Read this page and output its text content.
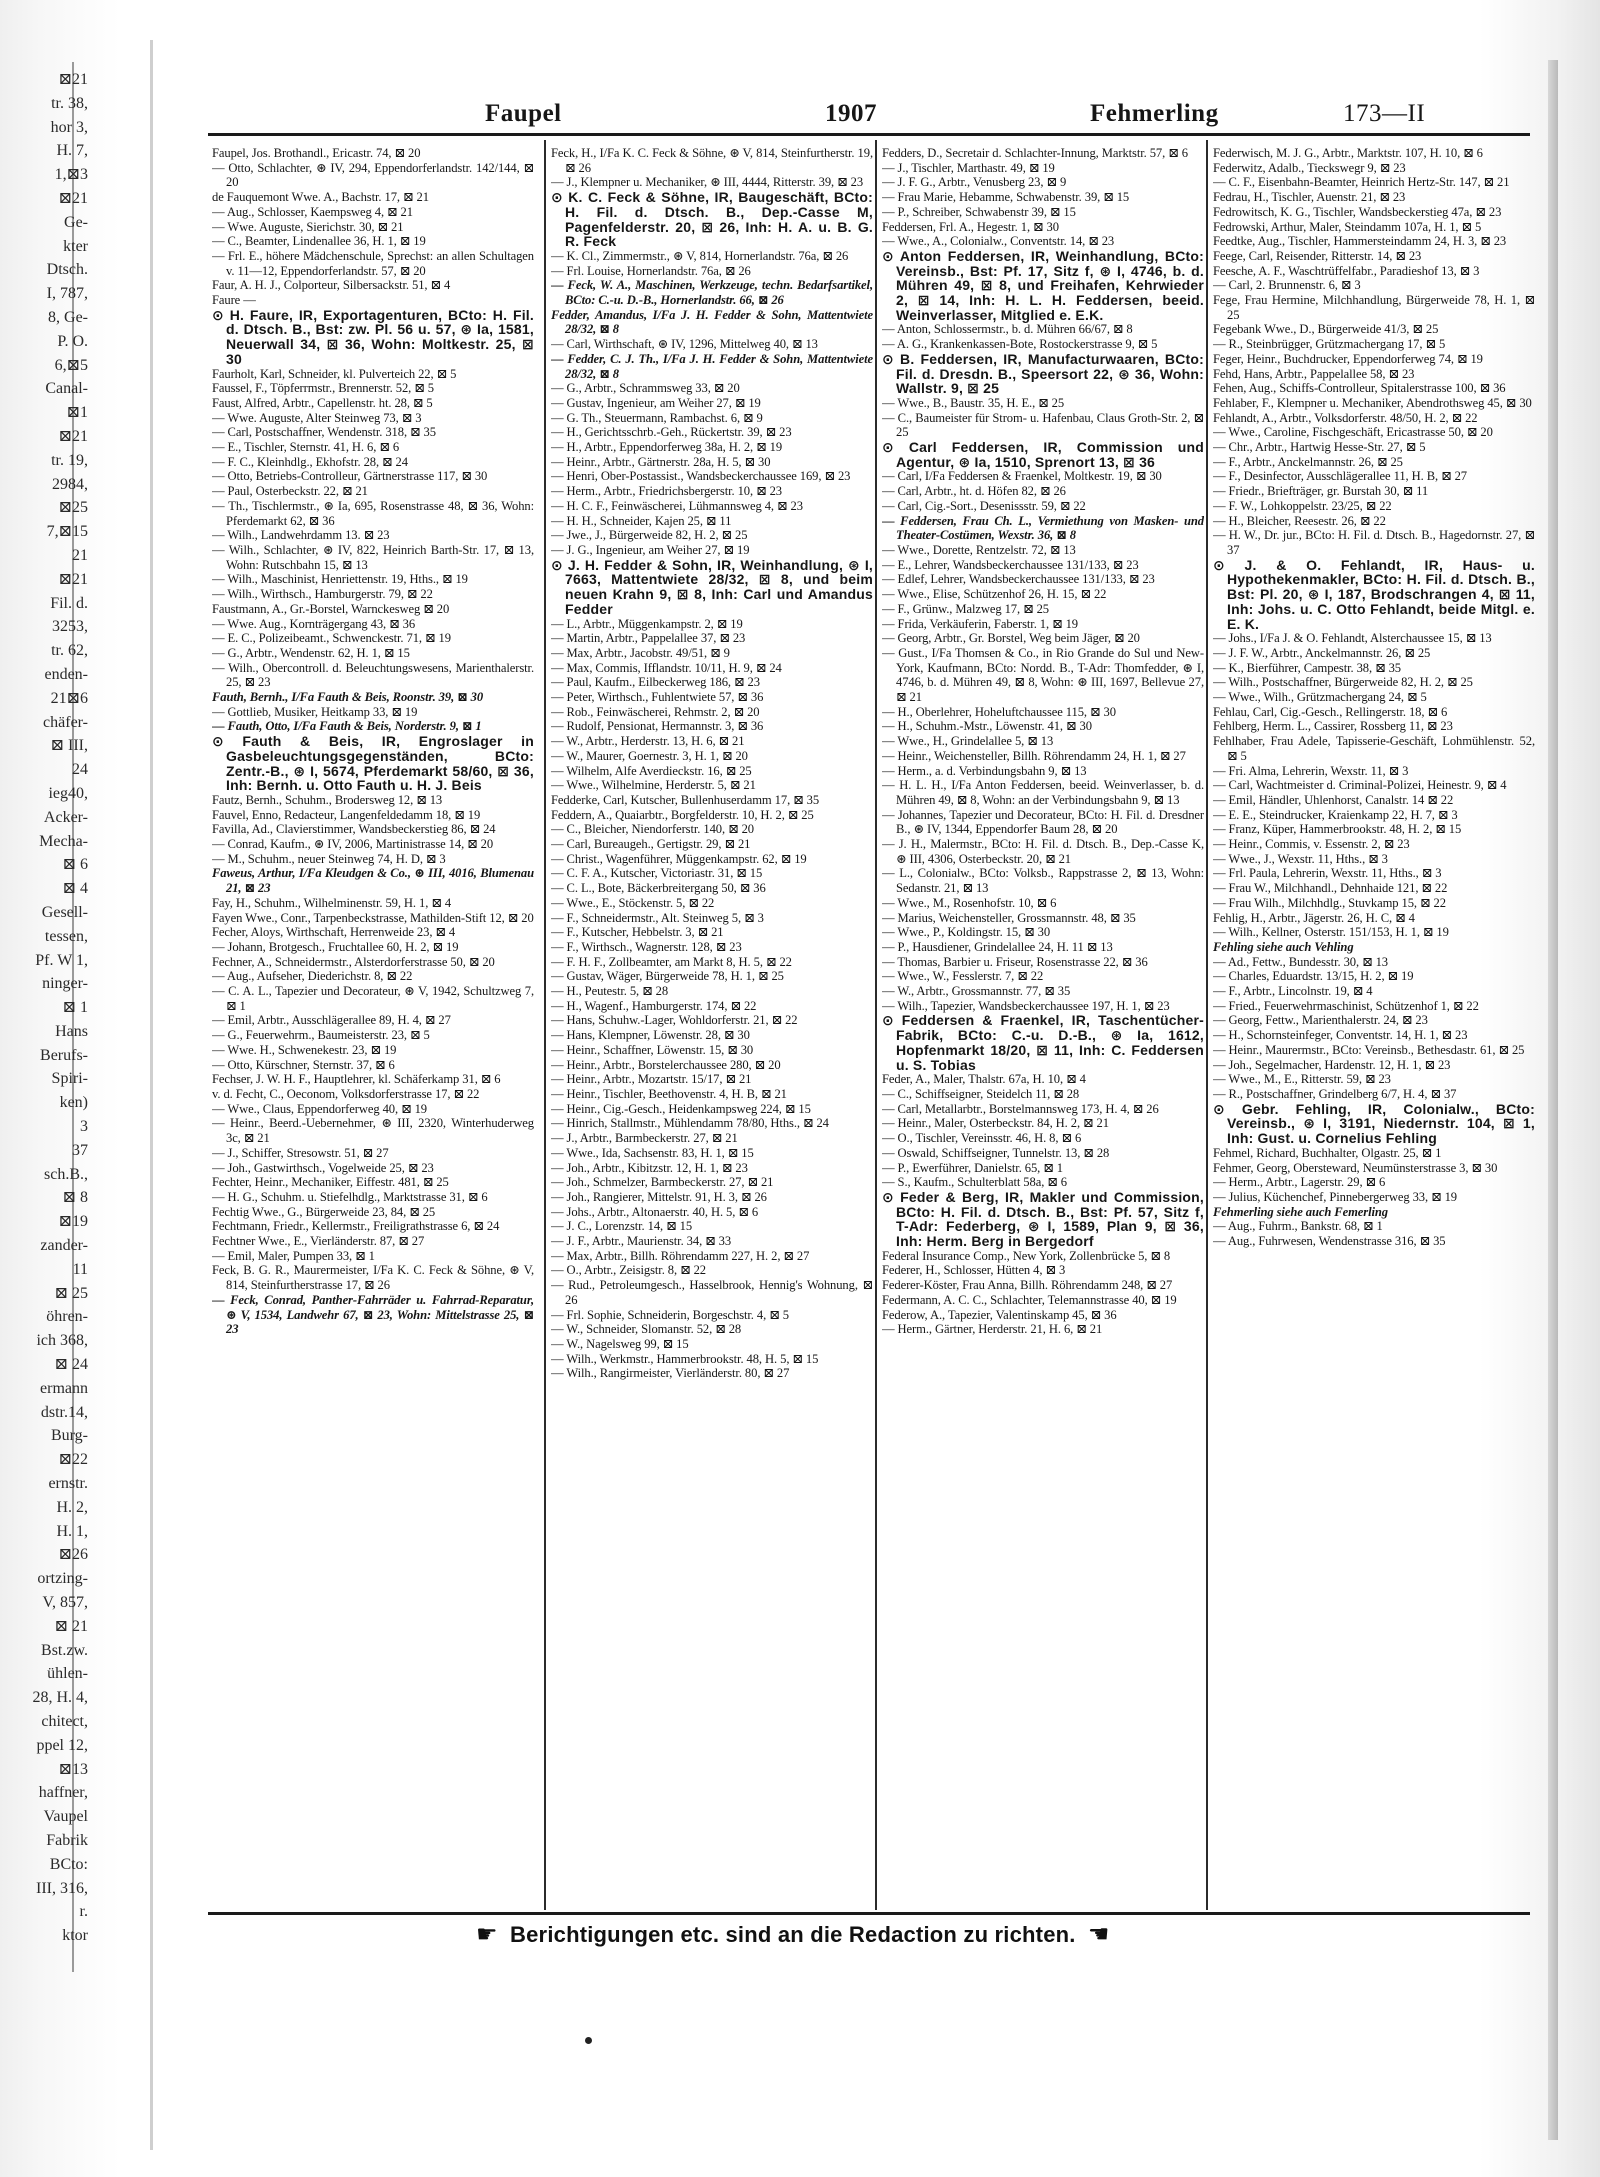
⊠21
tr. 38,
hor 3,
H. 7,
1,⊠3
⊠21
Ge-
kter
Dtsch.
I, 787,
8, Ge-
P. O.
6,⊠5
Canal-
⊠1
⊠21
tr. 19,
2984,
⊠25
7,⊠15
21
⊠21
Fil. d.
3253,
tr. 62,
enden-
21⊠6
chäfer-
⊠ III,
24
ieg40,
Acker-
Mecha-
⊠ 6
⊠ 4
Gesell-
tessen,
Pf. W 1,
ninger-
⊠ 1
Hans
Berufs-
Spiri-
ken)
3
37
sch.B.,
⊠ 8
⊠19
zander-
11
⊠ 25
öhren-
ich 368,
⊠ 24
ermann
dstr.14,
Burg-
⊠22
ernstr.
H. 2,
H. 1,
⊠26
ortzing-
V, 857,
⊠ 21
Bst.zw.
ühlen-
28, H. 4,
chitect,
ppel 12,
⊠13
haffner,
Vaupel
Fabrik
BCto:
III, 316,
r.
ktor
Faupel	1907	Fehmerling	173—II

Faupel, Jos. Brothandl., Ericastr. 74, ⊠ 20

— Otto, Schlachter, ⊛ IV, 294, Eppendorferlandstr. 142/144, ⊠ 20

de Fauquemont Wwe. A., Bachstr. 17, ⊠ 21

— Aug., Schlosser, Kaempsweg 4, ⊠ 21

— Wwe. Auguste, Sierichstr. 30, ⊠ 21

— C., Beamter, Lindenallee 36, H. 1, ⊠ 19

— Frl. E., höhere Mädchenschule, Sprechst: an allen Schultagen v. 11—12, Eppendorferlandstr. 57, ⊠ 20

Faur, A. H. J., Colporteur, Silbersackstr. 51, ⊠ 4

Faure —

⊙ H. Faure, IR, Exportagenturen, BCto: H. Fil. d. Dtsch. B., Bst: zw. Pl. 56 u. 57, ⊛ Ia, 1581, Neuerwall 34, ⊠ 36, Wohn: Moltkestr. 25, ⊠ 30

Faurholt, Karl, Schneider, kl. Pulverteich 22, ⊠ 5

Faussel, F., Töpferrmstr., Brennerstr. 52, ⊠ 5

Faust, Alfred, Arbtr., Capellenstr. ht. 28, ⊠ 5

— Wwe. Auguste, Alter Steinweg 73, ⊠ 3

— Carl, Postschaffner, Wendenstr. 318, ⊠ 35

— E., Tischler, Sternstr. 41, H. 6, ⊠ 6

— F. C., Kleinhdlg., Ekhofstr. 28, ⊠ 24

— Otto, Betriebs-Controlleur, Gärtnerstrasse 117, ⊠ 30

— Paul, Osterbeckstr. 22, ⊠ 21

— Th., Tischlermstr., ⊛ Ia, 695, Rosenstrasse 48, ⊠ 36, Wohn: Pferdemarkt 62, ⊠ 36

— Wilh., Landwehrdamm 13. ⊠ 23

— Wilh., Schlachter, ⊛ IV, 822, Heinrich Barth-Str. 17, ⊠ 13, Wohn: Rutschbahn 15, ⊠ 13

— Wilh., Maschinist, Henriettenstr. 19, Hths., ⊠ 19

— Wilh., Wirthsch., Hamburgerstr. 79, ⊠ 22

Faustmann, A., Gr.-Borstel, Warnckesweg ⊠ 20

— Wwe. Aug., Kornträgergang 43, ⊠ 36

— E. C., Polizeibeamt., Schwenckestr. 71, ⊠ 19

— G., Arbtr., Wendenstr. 62, H. 1, ⊠ 15

— Wilh., Obercontroll. d. Beleuchtungswesens, Marienthalerstr. 25, ⊠ 23

Fauth, Bernh., I/Fa Fauth & Beis, Roonstr. 39, ⊠ 30

— Gottlieb, Musiker, Heitkamp 33, ⊠ 19

— Fauth, Otto, I/Fa Fauth & Beis, Norderstr. 9, ⊠ 1

⊙ Fauth & Beis, IR, Engroslager in Gasbeleuchtungsgegenständen, BCto: Zentr.-B., ⊛ I, 5674, Pferdemarkt 58/60, ⊠ 36, Inh: Bernh. u. Otto Fauth u. H. J. Beis

Fautz, Bernh., Schuhm., Brodersweg 12, ⊠ 13

Fauvel, Enno, Redacteur, Langenfeldedamm 18, ⊠ 19

Favilla, Ad., Clavierstimmer, Wandsbeckerstieg 86, ⊠ 24

— Conrad, Kaufm., ⊛ IV, 2006, Martinistrasse 14, ⊠ 20

— M., Schuhm., neuer Steinweg 74, H. D, ⊠ 3

Faweus, Arthur, I/Fa Kleudgen & Co., ⊛ III, 4016, Blumenau 21, ⊠ 23

Fay, H., Schuhm., Wilhelminenstr. 59, H. 1, ⊠ 4

Fayen Wwe., Conr., Tarpenbeckstrasse, Mathilden-Stift 12, ⊠ 20

Fecher, Aloys, Wirthschaft, Herrenweide 23, ⊠ 4

— Johann, Brotgesch., Fruchtallee 60, H. 2, ⊠ 19

Fechner, A., Schneidermstr., Alsterdorferstrasse 50, ⊠ 20

— Aug., Aufseher, Diederichstr. 8, ⊠ 22

— C. A. L., Tapezier und Decorateur, ⊛ V, 1942, Schultzweg 7, ⊠ 1

— Emil, Arbtr., Ausschlägerallee 89, H. 4, ⊠ 27

— G., Feuerwehrm., Baumeisterstr. 23, ⊠ 5

— Wwe. H., Schwenekestr. 23, ⊠ 19

— Otto, Kürschner, Sternstr. 37, ⊠ 6

Fechser, J. W. H. F., Hauptlehrer, kl. Schäferkamp 31, ⊠ 6

v. d. Fecht, C., Oeconom, Volksdorferstrasse 17, ⊠ 22

— Wwe., Claus, Eppendorferweg 40, ⊠ 19

— Heinr., Beerd.-Uebernehmer, ⊛ III, 2320, Winterhuderweg 3c, ⊠ 21

— J., Schiffer, Stresowstr. 51, ⊠ 27

— Joh., Gastwirthsch., Vogelweide 25, ⊠ 23

Fechter, Heinr., Mechaniker, Eiffestr. 481, ⊠ 25

— H. G., Schuhm. u. Stiefelhdlg., Marktstrasse 31, ⊠ 6

Fechtig Wwe., G., Bürgerweide 23, 84, ⊠ 25

Fechtmann, Friedr., Kellermstr., Freiligrathstrasse 6, ⊠ 24

Fechtner Wwe., E., Vierländerstr. 87, ⊠ 27

— Emil, Maler, Pumpen 33, ⊠ 1

Feck, B. G. R., Maurermeister, I/Fa K. C. Feck & Söhne, ⊛ V, 814, Steinfurtherstrasse 17, ⊠ 26

— Feck, Conrad, Panther-Fahrräder u. Fahrrad-Reparatur, ⊛ V, 1534, Landwehr 67, ⊠ 23, Wohn: Mittelstrasse 25, ⊠ 23

Feck, H., I/Fa K. C. Feck & Söhne, ⊛ V, 814, Steinfurtherstr. 19, ⊠ 26

— J., Klempner u. Mechaniker, ⊛ III, 4444, Ritterstr. 39, ⊠ 23

⊙ K. C. Feck & Söhne, IR, Baugeschäft, BCto: H. Fil. d. Dtsch. B., Dep.-Casse M, Pagenfelderstr. 20, ⊠ 26, Inh: H. A. u. B. G. R. Feck

— K. Cl., Zimmermstr., ⊛ V, 814, Hornerlandstr. 76a, ⊠ 26

— Frl. Louise, Hornerlandstr. 76a, ⊠ 26

— Feck, W. A., Maschinen, Werkzeuge, techn. Bedarfsartikel, BCto: C.-u. D.-B., Hornerlandstr. 66, ⊠ 26

Fedder, Amandus, I/Fa J. H. Fedder & Sohn, Mattentwiete 28/32, ⊠ 8

— Carl, Wirthschaft, ⊛ IV, 1296, Mittelweg 40, ⊠ 13

— Fedder, C. J. Th., I/Fa J. H. Fedder & Sohn, Mattentwiete 28/32, ⊠ 8

— G., Arbtr., Schrammsweg 33, ⊠ 20

— Gustav, Ingenieur, am Weiher 27, ⊠ 19

— G. Th., Steuermann, Rambachst. 6, ⊠ 9

— H., Gerichtsschrb.-Geh., Rückertstr. 39, ⊠ 23

— H., Arbtr., Eppendorferweg 38a, H. 2, ⊠ 19

— Heinr., Arbtr., Gärtnerstr. 28a, H. 5, ⊠ 30

— Henri, Ober-Postassist., Wandsbeckerchaussee 169, ⊠ 23

— Herm., Arbtr., Friedrichsbergerstr. 10, ⊠ 23

— H. C. F., Feinwäscherei, Lühmannsweg 4, ⊠ 23

— H. H., Schneider, Kajen 25, ⊠ 11

— Jwe., J., Bürgerweide 82, H. 2, ⊠ 25

— J. G., Ingenieur, am Weiher 27, ⊠ 19

⊙ J. H. Fedder & Sohn, IR, Weinhandlung, ⊛ I, 7663, Mattentwiete 28/32, ⊠ 8, und beim neuen Krahn 9, ⊠ 8, Inh: Carl und Amandus Fedder

— L., Arbtr., Müggenkampstr. 2, ⊠ 19

— Martin, Arbtr., Pappelallee 37, ⊠ 23

— Max, Arbtr., Jacobstr. 49/51, ⊠ 9

— Max, Commis, Ifflandstr. 10/11, H. 9, ⊠ 24

— Paul, Kaufm., Eilbeckerweg 186, ⊠ 23

— Peter, Wirthsch., Fuhlentwiete 57, ⊠ 36

— Rob., Feinwäscherei, Rehmstr. 2, ⊠ 20

— Rudolf, Pensionat, Hermannstr. 3, ⊠ 36

— W., Arbtr., Herderstr. 13, H. 6, ⊠ 21

— W., Maurer, Goernestr. 3, H. 1, ⊠ 20

— Wilhelm, Alfe Averdieckstr. 16, ⊠ 25

— Wwe., Wilhelmine, Herderstr. 5, ⊠ 21

Fedderke, Carl, Kutscher, Bullenhuserdamm 17, ⊠ 35

Feddern, A., Quaiarbtr., Borgfelderstr. 10, H. 2, ⊠ 25

— C., Bleicher, Niendorferstr. 140, ⊠ 20

— Carl, Bureaugeh., Gertigstr. 29, ⊠ 21

— Christ., Wagenführer, Müggenkampstr. 62, ⊠ 19

— C. F. A., Kutscher, Victoriastr. 31, ⊠ 15

— C. L., Bote, Bäckerbreitergang 50, ⊠ 36

— Wwe., E., Stöckenstr. 5, ⊠ 22

— F., Schneidermstr., Alt. Steinweg 5, ⊠ 3

— F., Kutscher, Hebbelstr. 3, ⊠ 21

— F., Wirthsch., Wagnerstr. 128, ⊠ 23

— F. H. F., Zollbeamter, am Markt 8, H. 5, ⊠ 22

— Gustav, Wäger, Bürgerweide 78, H. 1, ⊠ 25

— H., Peutestr. 5, ⊠ 28

— H., Wagenf., Hamburgerstr. 174, ⊠ 22

— Hans, Schuhw.-Lager, Wohldorferstr. 21, ⊠ 22

— Hans, Klempner, Löwenstr. 28, ⊠ 30

— Heinr., Schaffner, Löwenstr. 15, ⊠ 30

— Heinr., Arbtr., Borstelerchaussee 280, ⊠ 20

— Heinr., Arbtr., Mozartstr. 15/17, ⊠ 21

— Heinr., Tischler, Beethovenstr. 4, H. B, ⊠ 21

— Heinr., Cig.-Gesch., Heidenkampsweg 224, ⊠ 15

— Hinrich, Stallmstr., Mühlendamm 78/80, Hths., ⊠ 24

— J., Arbtr., Barmbeckerstr. 27, ⊠ 21

— Wwe., Ida, Sachsenstr. 83, H. 1, ⊠ 15

— Joh., Arbtr., Kibitzstr. 12, H. 1, ⊠ 23

— Joh., Schmelzer, Barmbeckerstr. 27, ⊠ 21

— Joh., Rangierer, Mittelstr. 91, H. 3, ⊠ 26

— Johs., Arbtr., Altonaerstr. 40, H. 5, ⊠ 6

— J. C., Lorenzstr. 14, ⊠ 15

— J. F., Arbtr., Maurienstr. 34, ⊠ 33

— Max, Arbtr., Billh. Röhrendamm 227, H. 2, ⊠ 27

— O., Arbtr., Zeisigstr. 8, ⊠ 22

— Rud., Petroleumgesch., Hasselbrook, Hennig's Wohnung, ⊠ 26

— Frl. Sophie, Schneiderin, Borgeschstr. 4, ⊠ 5

— W., Schneider, Slomanstr. 52, ⊠ 28

— W., Nagelsweg 99, ⊠ 15

— Wilh., Werkmstr., Hammerbrookstr. 48, H. 5, ⊠ 15

— Wilh., Rangirmeister, Vierländerstr. 80, ⊠ 27

Fedders, D., Secretair d. Schlachter-Innung, Marktstr. 57, ⊠ 6

— J., Tischler, Marthastr. 49, ⊠ 19

— J. F. G., Arbtr., Venusberg 23, ⊠ 9

— Frau Marie, Hebamme, Schwabenstr. 39, ⊠ 15

— P., Schreiber, Schwabenstr 39, ⊠ 15

Feddersen, Frl. A., Hegestr. 1, ⊠ 30

— Wwe., A., Colonialw., Conventstr. 14, ⊠ 23

⊙ Anton Feddersen, IR, Weinhandlung, BCto: Vereinsb., Bst: Pf. 17, Sitz f, ⊛ I, 4746, b. d. Mühren 49, ⊠ 8, und Freihafen, Kehrwieder 2, ⊠ 14, Inh: H. L. H. Feddersen, beeid. Weinverlasser, Mitglied e. E.K.

— Anton, Schlossermstr., b. d. Mühren 66/67, ⊠ 8

— A. G., Krankenkassen-Bote, Rostockerstrasse 9, ⊠ 5

⊙ B. Feddersen, IR, Manufacturwaaren, BCto: Fil. d. Dresdn. B., Speersort 22, ⊛ 36, Wohn: Wallstr. 9, ⊠ 25

— Wwe., B., Baustr. 35, H. E., ⊠ 25

— C., Baumeister für Strom- u. Hafenbau, Claus Groth-Str. 2, ⊠ 25

⊙ Carl Feddersen, IR, Commission und Agentur, ⊛ Ia, 1510, Sprenort 13, ⊠ 36

— Carl, I/Fa Feddersen & Fraenkel, Moltkestr. 19, ⊠ 30

— Carl, Arbtr., ht. d. Höfen 82, ⊠ 26

— Carl, Cig.-Sort., Desenissstr. 59, ⊠ 22

— Feddersen, Frau Ch. L., Vermiethung von Masken- und Theater-Costümen, Wexstr. 36, ⊠ 8

— Wwe., Dorette, Rentzelstr. 72, ⊠ 13

— E., Lehrer, Wandsbeckerchaussee 131/133, ⊠ 23

— Edlef, Lehrer, Wandsbeckerchaussee 131/133, ⊠ 23

— Wwe., Elise, Schützenhof 26, H. 15, ⊠ 22

— F., Grünw., Malzweg 17, ⊠ 25

— Frida, Verkäuferin, Faberstr. 1, ⊠ 19

— Georg, Arbtr., Gr. Borstel, Weg beim Jäger, ⊠ 20

— Gust., I/Fa Thomsen & Co., in Rio Grande do Sul und New-York, Kaufmann, BCto: Nordd. B., T-Adr: Thomfedder, ⊛ I, 4746, b. d. Mühren 49, ⊠ 8, Wohn: ⊛ III, 1697, Bellevue 27, ⊠ 21

— H., Oberlehrer, Hoheluftchaussee 115, ⊠ 30

— H., Schuhm.-Mstr., Löwenstr. 41, ⊠ 30

— Wwe., H., Grindelallee 5, ⊠ 13

— Heinr., Weichensteller, Billh. Röhrendamm 24, H. 1, ⊠ 27

— Herm., a. d. Verbindungsbahn 9, ⊠ 13

— H. L. H., I/Fa Anton Feddersen, beeid. Weinverlasser, b. d. Mühren 49, ⊠ 8, Wohn: an der Verbindungsbahn 9, ⊠ 13

— Johannes, Tapezier und Decorateur, BCto: H. Fil. d. Dresdner B., ⊛ IV, 1344, Eppendorfer Baum 28, ⊠ 20

— J. H., Malermstr., BCto: H. Fil. d. Dtsch. B., Dep.-Casse K, ⊛ III, 4306, Osterbeckstr. 20, ⊠ 21

— L., Colonialw., BCto: Volksb., Rappstrasse 2, ⊠ 13, Wohn: Sedanstr. 21, ⊠ 13

— Wwe., M., Rosenhofstr. 10, ⊠ 6

— Marius, Weichensteller, Grossmannstr. 48, ⊠ 35

— Wwe., P., Koldingstr. 15, ⊠ 30

— P., Hausdiener, Grindelallee 24, H. 11 ⊠ 13

— Thomas, Barbier u. Friseur, Rosenstrasse 22, ⊠ 36

— Wwe., W., Fesslerstr. 7, ⊠ 22

— W., Arbtr., Grossmannstr. 77, ⊠ 35

— Wilh., Tapezier, Wandsbeckerchaussee 197, H. 1, ⊠ 23

⊙ Feddersen & Fraenkel, IR, Taschentücher-Fabrik, BCto: C.-u. D.-B., ⊛ Ia, 1612, Hopfenmarkt 18/20, ⊠ 11, Inh: C. Feddersen u. S. Tobias

Feder, A., Maler, Thalstr. 67a, H. 10, ⊠ 4

— C., Schiffseigner, Steidelch 11, ⊠ 28

— Carl, Metallarbtr., Borstelmannsweg 173, H. 4, ⊠ 26

— Heinr., Maler, Osterbeckstr. 84, H. 2, ⊠ 21

— O., Tischler, Vereinsstr. 46, H. 8, ⊠ 6

— Oswald, Schiffseigner, Tunnelstr. 13, ⊠ 28

— P., Ewerführer, Danielstr. 65, ⊠ 1

— S., Kaufm., Schulterblatt 58a, ⊠ 6

⊙ Feder & Berg, IR, Makler und Commission, BCto: H. Fil. d. Dtsch. B., Bst: Pf. 57, Sitz f, T-Adr: Federberg, ⊛ I, 1589, Plan 9, ⊠ 36, Inh: Herm. Berg in Bergedorf

Federal Insurance Comp., New York, Zollenbrücke 5, ⊠ 8

Federer, H., Schlosser, Hütten 4, ⊠ 3

Federer-Köster, Frau Anna, Billh. Röhrendamm 248, ⊠ 27

Federmann, A. C. C., Schlachter, Telemannstrasse 40, ⊠ 19

Federow, A., Tapezier, Valentinskamp 45, ⊠ 36

— Herm., Gärtner, Herderstr. 21, H. 6, ⊠ 21

Federwisch, M. J. G., Arbtr., Marktstr. 107, H. 10, ⊠ 6

Federwitz, Adalb., Tieckswegr 9, ⊠ 23

— C. F., Eisenbahn-Beamter, Heinrich Hertz-Str. 147, ⊠ 21

Fedrau, H., Tischler, Auenstr. 21, ⊠ 23

Fedrowitsch, K. G., Tischler, Wandsbeckerstieg 47a, ⊠ 23

Fedrowski, Arthur, Maler, Steindamm 107a, H. 1, ⊠ 5

Feedtke, Aug., Tischler, Hammersteindamm 24, H. 3, ⊠ 23

Feege, Carl, Reisender, Ritterstr. 14, ⊠ 23

Feesche, A. F., Waschtrüffelfabr., Paradieshof 13, ⊠ 3

— Carl, 2. Brunnenstr. 6, ⊠ 3

Fege, Frau Hermine, Milchhandlung, Bürgerweide 78, H. 1, ⊠ 25

Fegebank Wwe., D., Bürgerweide 41/3, ⊠ 25

— R., Steinbrügger, Grützmachergang 17, ⊠ 5

Feger, Heinr., Buchdrucker, Eppendorferweg 74, ⊠ 19

Fehd, Hans, Arbtr., Pappelallee 58, ⊠ 23

Fehen, Aug., Schiffs-Controlleur, Spitalerstrasse 100, ⊠ 36

Fehlaber, F., Klempner u. Mechaniker, Abendrothsweg 45, ⊠ 30

Fehlandt, A., Arbtr., Volksdorferstr. 48/50, H. 2, ⊠ 22

— Wwe., Caroline, Fischgeschäft, Ericastrasse 50, ⊠ 20

— Chr., Arbtr., Hartwig Hesse-Str. 27, ⊠ 5

— F., Arbtr., Anckelmannstr. 26, ⊠ 25

— F., Desinfector, Ausschlägerallee 11, H. B, ⊠ 27

— Friedr., Briefträger, gr. Burstah 30, ⊠ 11

— F. W., Lohkoppelstr. 23/25, ⊠ 22

— H., Bleicher, Reesestr. 26, ⊠ 22

— H. W., Dr. jur., BCto: H. Fil. d. Dtsch. B., Hagedornstr. 27, ⊠ 37

⊙ J. & O. Fehlandt, IR, Haus- u. Hypothekenmakler, BCto: H. Fil. d. Dtsch. B., Bst: Pl. 20, ⊛ I, 187, Brodschrangen 4, ⊠ 11, Inh: Johs. u. C. Otto Fehlandt, beide Mitgl. e. E. K.

— Johs., I/Fa J. & O. Fehlandt, Alsterchaussee 15, ⊠ 13

— J. F. W., Arbtr., Anckelmannstr. 26, ⊠ 25

— K., Bierführer, Campestr. 38, ⊠ 35

— Wilh., Postschaffner, Bürgerweide 82, H. 2, ⊠ 25

— Wwe., Wilh., Grützmachergang 24, ⊠ 5

Fehlau, Carl, Cig.-Gesch., Rellingerstr. 18, ⊠ 6

Fehlberg, Herm. L., Cassirer, Rossberg 11, ⊠ 23

Fehlhaber, Frau Adele, Tapisserie-Geschäft, Lohmühlenstr. 52, ⊠ 5

— Fri. Alma, Lehrerin, Wexstr. 11, ⊠ 3

— Carl, Wachtmeister d. Criminal-Polizei, Heinestr. 9, ⊠ 4

— Emil, Händler, Uhlenhorst, Canalstr. 14 ⊠ 22

— E. E., Steindrucker, Kraienkamp 22, H. 7, ⊠ 3

— Franz, Küper, Hammerbrookstr. 48, H. 2, ⊠ 15

— Heinr., Commis, v. Essenstr. 2, ⊠ 23

— Wwe., J., Wexstr. 11, Hths., ⊠ 3

— Frl. Paula, Lehrerin, Wexstr. 11, Hths., ⊠ 3

— Frau W., Milchhandl., Dehnhaide 121, ⊠ 22

— Frau Wilh., Milchhdlg., Stuvkamp 15, ⊠ 22

Fehlig, H., Arbtr., Jägerstr. 26, H. C, ⊠ 4

— Wilh., Kellner, Osterstr. 151/153, H. 1, ⊠ 19

Fehling siehe auch Vehling

— Ad., Fettw., Bundesstr. 30, ⊠ 13

— Charles, Eduardstr. 13/15, H. 2, ⊠ 19

— F., Arbtr., Lincolnstr. 19, ⊠ 4

— Fried., Feuerwehrmaschinist, Schützenhof 1, ⊠ 22

— Georg, Fettw., Marienthalerstr. 24, ⊠ 23

— H., Schornsteinfeger, Conventstr. 14, H. 1, ⊠ 23

— Heinr., Maurermstr., BCto: Vereinsb., Bethesdastr. 61, ⊠ 25

— Joh., Segelmacher, Hardenstr. 12, H. 1, ⊠ 23

— Wwe., M., E., Ritterstr. 59, ⊠ 23

— R., Postschaffner, Grindelberg 6/7, H. 4, ⊠ 37

⊙ Gebr. Fehling, IR, Colonialw., BCto: Vereinsb., ⊛ I, 3191, Niedernstr. 104, ⊠ 1, Inh: Gust. u. Cornelius Fehling

Fehmel, Richard, Buchhalter, Olgastr. 25, ⊠ 1

Fehmer, Georg, Obersteward, Neumünsterstrasse 3, ⊠ 30

— Herm., Arbtr., Lagerstr. 29, ⊠ 6

— Julius, Küchenchef, Pinnebergerweg 33, ⊠ 19

Fehmerling siehe auch Femerling

— Aug., Fuhrm., Bankstr. 68, ⊠ 1

— Aug., Fuhrwesen, Wendenstrasse 316, ⊠ 35

☛ Berichtigungen etc. sind an die Redaction zu richten. ☚
